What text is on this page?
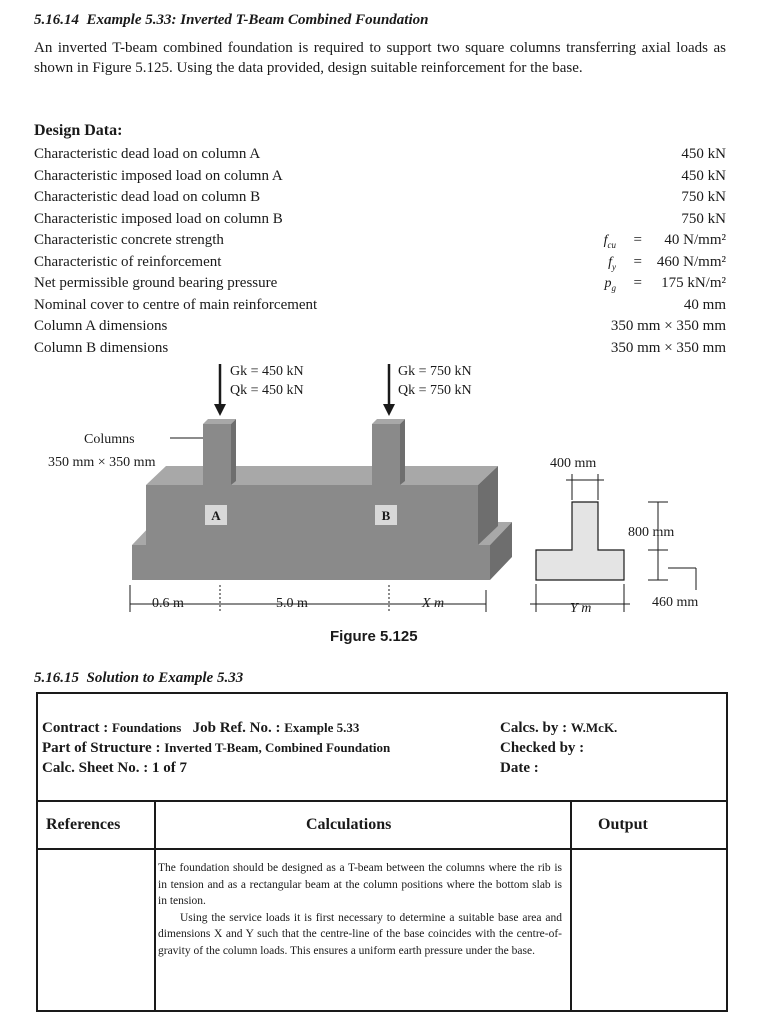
5.16.14 Example 5.33: Inverted T-Beam Combined Foundation
An inverted T-beam combined foundation is required to support two square columns transferring axial loads as shown in Figure 5.125. Using the data provided, design suitable reinforcement for the base.
Design Data:
Characteristic dead load on column A	450 kN
Characteristic imposed load on column A	450 kN
Characteristic dead load on column B	750 kN
Characteristic imposed load on column B	750 kN
Characteristic concrete strength	$f_{cu} = 40$ N/mm²
Characteristic of reinforcement	$f_y = 460$ N/mm²
Net permissible ground bearing pressure	$p_g = 175$ kN/m²
Nominal cover to centre of main reinforcement	40 mm
Column A dimensions	350 mm × 350 mm
Column B dimensions	350 mm × 350 mm
A	B
Gk = 450 kN
Qk = 450 kN
Gk = 750 kN
Qk = 750 kN
Columns
350 mm × 350 mm
0.6 m	5.0 m	X m
400 mm
800 mm
460 mm
Y m
Figure 5.125
5.16.15 Solution to Example 5.33
Contract : Foundations Job Ref. No. : Example 5.33
Part of Structure : Inverted T-Beam, Combined Foundation
Calc. Sheet No. : 1 of 7
Calcs. by : W.McK.
Checked by :
Date :
References	Calculations	Output

The foundation should be designed as a T-beam between the columns where the rib is in tension and as a rectangular beam at the column positions where the bottom slab is in tension.

Using the service loads it is first necessary to determine a suitable base area and dimensions X and Y such that the centre-line of the base coincides with the centre-of-gravity of the column loads. This ensures a uniform earth pressure under the base.
